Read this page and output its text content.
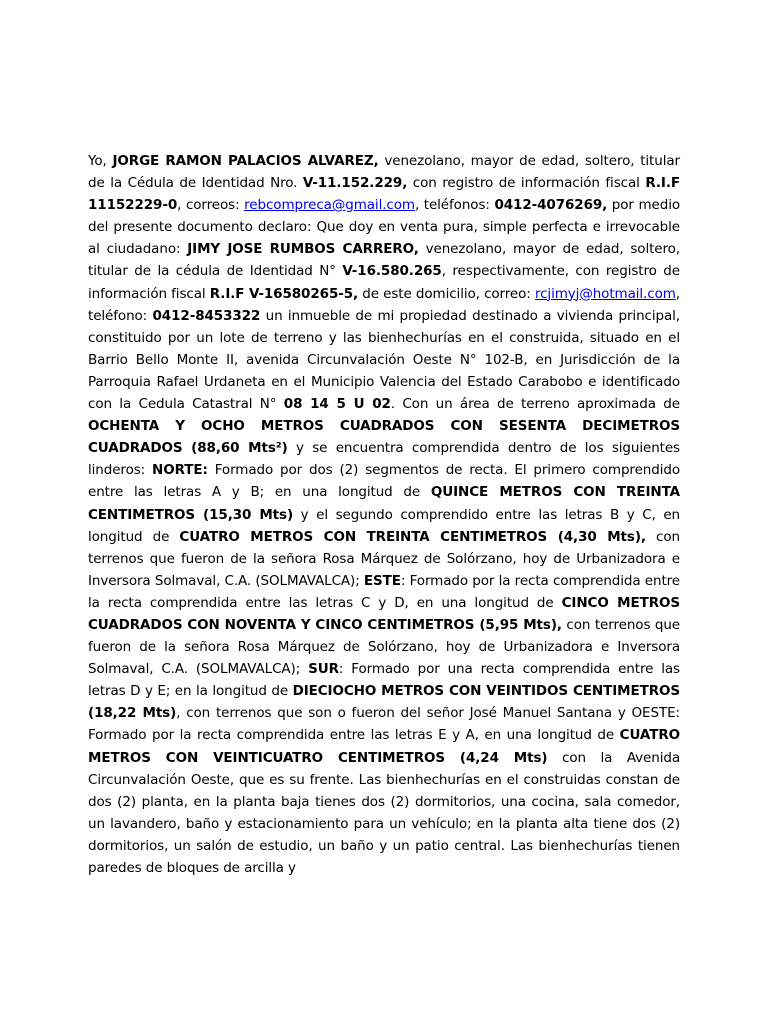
Yo, JORGE RAMON PALACIOS ALVAREZ, venezolano, mayor de edad, soltero, titular de la Cédula de Identidad Nro. V-11.152.229, con registro de información fiscal R.I.F 11152229-0, correos: rebcompreca@gmail.com, teléfonos: 0412-4076269, por medio del presente documento declaro: Que doy en venta pura, simple perfecta e irrevocable al ciudadano: JIMY JOSE RUMBOS CARRERO, venezolano, mayor de edad, soltero, titular de la cédula de Identidad N° V-16.580.265, respectivamente, con registro de información fiscal R.I.F V-16580265-5, de este domicilio, correo: rcjimyj@hotmail.com, teléfono: 0412-8453322 un inmueble de mi propiedad destinado a vivienda principal, constituido por un lote de terreno y las bienhechurías en el construida, situado en el Barrio Bello Monte II, avenida Circunvalación Oeste N° 102-B, en Jurisdicción de la Parroquia Rafael Urdaneta en el Municipio Valencia del Estado Carabobo e identificado con la Cedula Catastral N° 08 14 5 U 02. Con un área de terreno aproximada de OCHENTA Y OCHO METROS CUADRADOS CON SESENTA DECIMETROS CUADRADOS (88,60 Mts²) y se encuentra comprendida dentro de los siguientes linderos: NORTE: Formado por dos (2) segmentos de recta. El primero comprendido entre las letras A y B; en una longitud de QUINCE METROS CON TREINTA CENTIMETROS (15,30 Mts) y el segundo comprendido entre las letras B y C, en longitud de CUATRO METROS CON TREINTA CENTIMETROS (4,30 Mts), con terrenos que fueron de la señora Rosa Márquez de Solórzano, hoy de Urbanizadora e Inversora Solmaval, C.A. (SOLMAVALCA); ESTE: Formado por la recta comprendida entre la recta comprendida entre las letras C y D, en una longitud de CINCO METROS CUADRADOS CON NOVENTA Y CINCO CENTIMETROS (5,95 Mts), con terrenos que fueron de la señora Rosa Márquez de Solórzano, hoy de Urbanizadora e Inversora Solmaval, C.A. (SOLMAVALCA); SUR: Formado por una recta comprendida entre las letras D y E; en la longitud de DIECIOCHO METROS CON VEINTIDOS CENTIMETROS (18,22 Mts), con terrenos que son o fueron del señor José Manuel Santana y OESTE: Formado por la recta comprendida entre las letras E y A, en una longitud de CUATRO METROS CON VEINTICUATRO CENTIMETROS (4,24 Mts) con la Avenida Circunvalación Oeste, que es su frente. Las bienhechurías en el construidas constan de dos (2) planta, en la planta baja tienes dos (2) dormitorios, una cocina, sala comedor, un lavandero, baño y estacionamiento para un vehículo; en la planta alta tiene dos (2) dormitorios, un salón de estudio, un baño y un patio central. Las bienhechurías tienen paredes de bloques de arcilla y
